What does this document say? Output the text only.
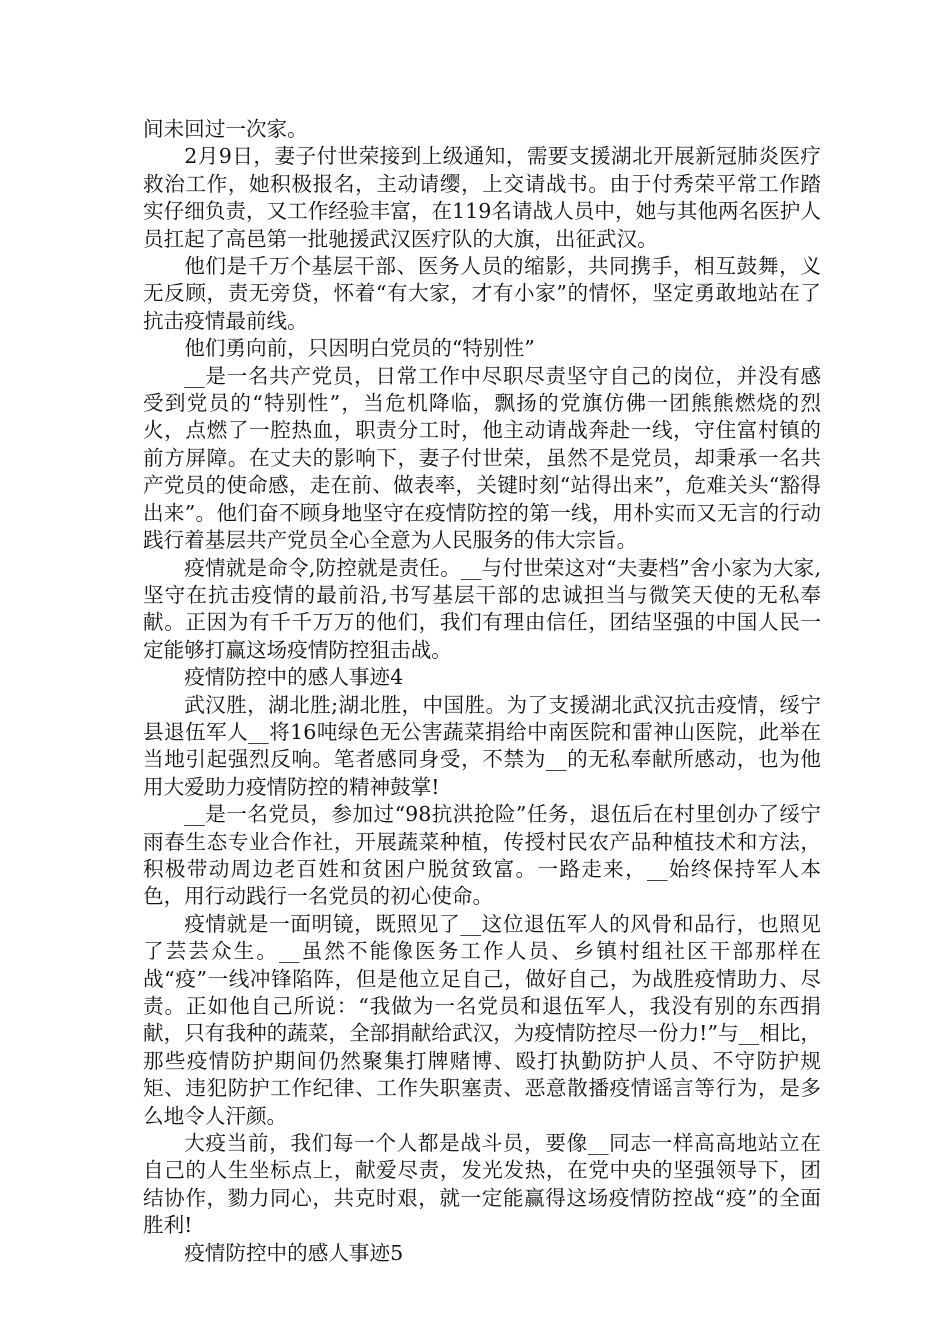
间未回过一次家。

2月9日，妻子付世荣接到上级通知，需要支援湖北开展新冠肺炎医疗救治工作，她积极报名，主动请缨，上交请战书。由于付秀荣平常工作踏实仔细负责，又工作经验丰富，在119名请战人员中，她与其他两名医护人员扛起了高邑第一批驰援武汉医疗队的大旗，出征武汉。

他们是千万个基层干部、医务人员的缩影，共同携手，相互鼓舞，义无反顾，责无旁贷，怀着“有大家，才有小家”的情怀，坚定勇敢地站在了抗击疫情最前线。

他们勇向前，只因明白党员的“特别性”

__是一名共产党员，日常工作中尽职尽责坚守自己的岗位，并没有感受到党员的“特别性”，当危机降临，飘扬的党旗仿佛一团熊熊燃烧的烈火，点燃了一腔热血，职责分工时，他主动请战奔赴一线，守住富村镇的前方屏障。在丈夫的影响下，妻子付世荣，虽然不是党员，却秉承一名共产党员的使命感，走在前、做表率，关键时刻“站得出来”，危难关头“豁得出来”。他们奋不顾身地坚守在疫情防控的第一线，用朴实而又无言的行动践行着基层共产党员全心全意为人民服务的伟大宗旨。

疫情就是命令,防控就是责任。__与付世荣这对“夫妻档”舍小家为大家,坚守在抗击疫情的最前沿,书写基层干部的忠诚担当与微笑天使的无私奉献。正因为有千千万万的他们，我们有理由信任，团结坚强的中国人民一定能够打赢这场疫情防控狙击战。

疫情防控中的感人事迹4

武汉胜，湖北胜;湖北胜，中国胜。为了支援湖北武汉抗击疫情，绥宁县退伍军人__将16吨绿色无公害蔬菜捐给中南医院和雷神山医院，此举在当地引起强烈反响。笔者感同身受，不禁为__的无私奉献所感动，也为他用大爱助力疫情防控的精神鼓掌!

__是一名党员，参加过“98抗洪抢险”任务，退伍后在村里创办了绥宁雨春生态专业合作社，开展蔬菜种植，传授村民农产品种植技术和方法，积极带动周边老百姓和贫困户脱贫致富。一路走来，__始终保持军人本色，用行动践行一名党员的初心使命。

疫情就是一面明镜，既照见了__这位退伍军人的风骨和品行，也照见了芸芸众生。__虽然不能像医务工作人员、乡镇村组社区干部那样在战“疫”一线冲锋陷阵，但是他立足自己，做好自己，为战胜疫情助力、尽责。正如他自己所说：“我做为一名党员和退伍军人，我没有别的东西捐献，只有我种的蔬菜，全部捐献给武汉，为疫情防控尽一份力!”与__相比，那些疫情防护期间仍然聚集打牌赌博、殴打执勤防护人员、不守防护规矩、违犯防护工作纪律、工作失职塞责、恶意散播疫情谣言等行为，是多么地令人汗颜。

大疫当前，我们每一个人都是战斗员，要像__同志一样高高地站立在自己的人生坐标点上，献爱尽责，发光发热，在党中央的坚强领导下，团结协作，勠力同心，共克时艰，就一定能赢得这场疫情防控战“疫”的全面胜利!

疫情防控中的感人事迹5
